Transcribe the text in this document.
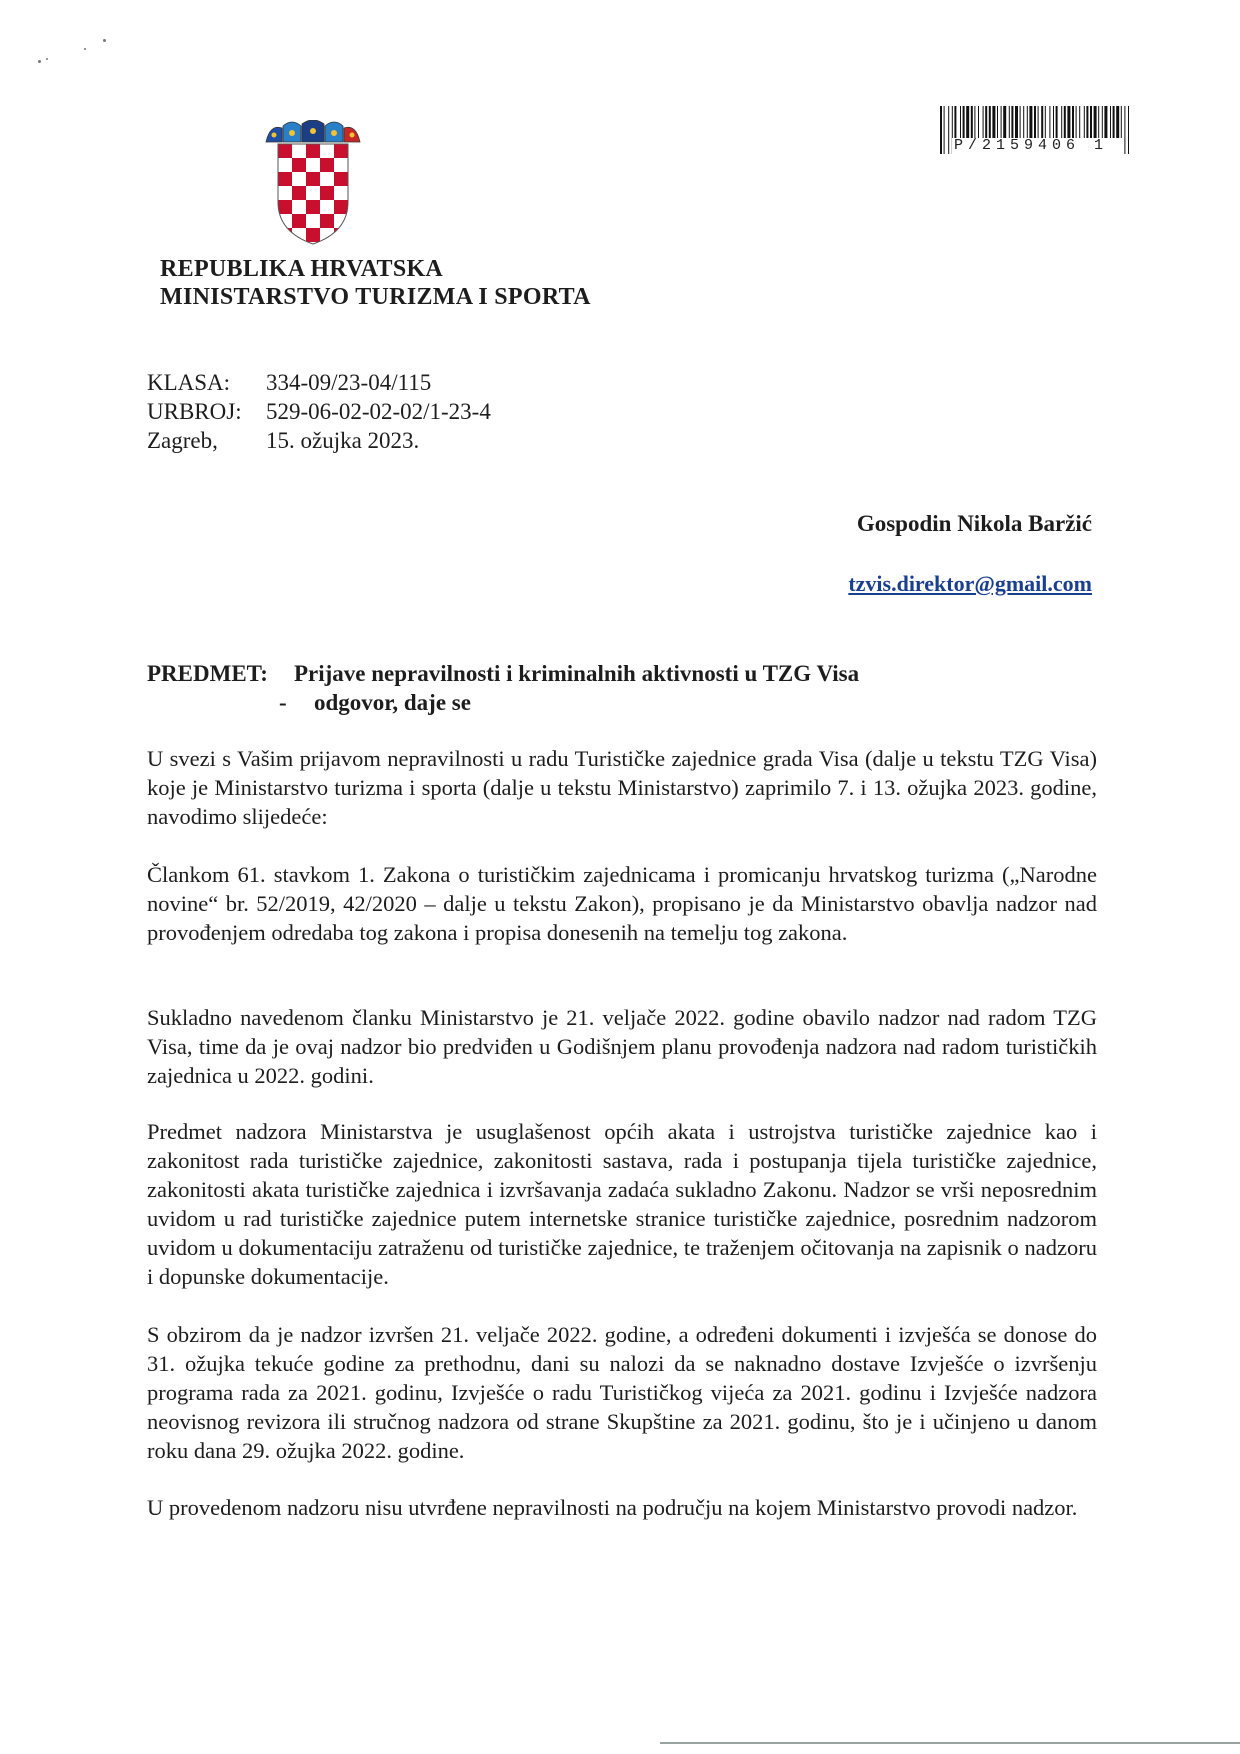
P/2159406 1
REPUBLIKA HRVATSKA
MINISTARSTVO TURIZMA I SPORTA
KLASA: 334-09/23-04/115
URBROJ: 529-06-02-02-02/1-23-4
Zagreb, 15. ožujka 2023.
Gospodin Nikola Baržić
tzvis.direktor@gmail.com
PREDMET: Prijave nepravilnosti i kriminalnih aktivnosti u TZG Visa
- odgovor, daje se
U svezi s Vašim prijavom nepravilnosti u radu Turističke zajednice grada Visa (dalje u tekstu TZG Visa) koje je Ministarstvo turizma i sporta (dalje u tekstu Ministarstvo) zaprimilo 7. i 13. ožujka 2023. godine, navodimo slijedeće:
Člankom 61. stavkom 1. Zakona o turističkim zajednicama i promicanju hrvatskog turizma („Narodne novine“ br. 52/2019, 42/2020 – dalje u tekstu Zakon), propisano je da Ministarstvo obavlja nadzor nad provođenjem odredaba tog zakona i propisa donesenih na temelju tog zakona.
Sukladno navedenom članku Ministarstvo je 21. veljače 2022. godine obavilo nadzor nad radom TZG Visa, time da je ovaj nadzor bio predviđen u Godišnjem planu provođenja nadzora nad radom turističkih zajednica u 2022. godini.
Predmet nadzora Ministarstva je usuglašenost općih akata i ustrojstva turističke zajednice kao i zakonitost rada turističke zajednice, zakonitosti sastava, rada i postupanja tijela turističke zajednice, zakonitosti akata turističke zajednica i izvršavanja zadaća sukladno Zakonu. Nadzor se vrši neposrednim uvidom u rad turističke zajednice putem internetske stranice turističke zajednice, posrednim nadzorom uvidom u dokumentaciju zatraženu od turističke zajednice, te traženjem očitovanja na zapisnik o nadzoru i dopunske dokumentacije.
S obzirom da je nadzor izvršen 21. veljače 2022. godine, a određeni dokumenti i izvješća se donose do 31. ožujka tekuće godine za prethodnu, dani su nalozi da se naknadno dostave Izvješće o izvršenju programa rada za 2021. godinu, Izvješće o radu Turističkog vijeća za 2021. godinu i Izvješće nadzora neovisnog revizora ili stručnog nadzora od strane Skupštine za 2021. godinu, što je i učinjeno u danom roku dana 29. ožujka 2022. godine.
U provedenom nadzoru nisu utvrđene nepravilnosti na području na kojem Ministarstvo provodi nadzor.
